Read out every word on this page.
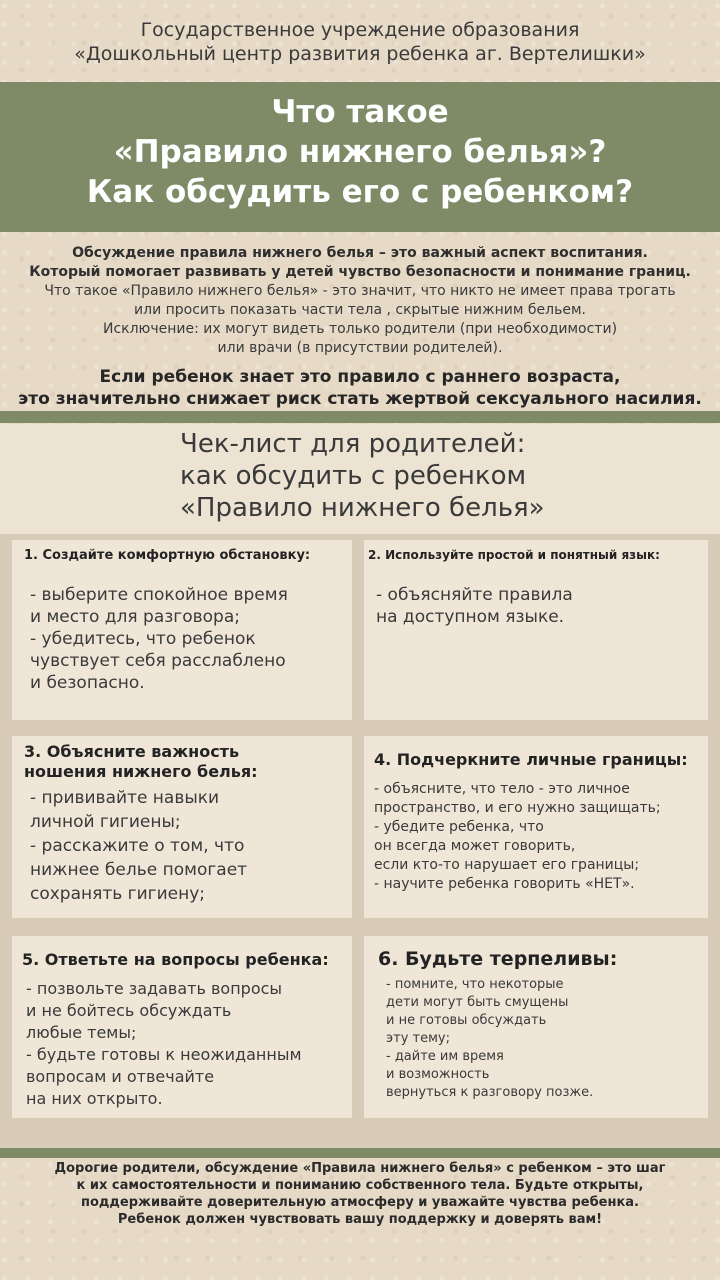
Государственное учреждение образования
«Дошкольный центр развития ребенка аг. Вертелишки»
Что такое
«Правило нижнего белья»?
Как обсудить его с ребенком?
Обсуждение правила нижнего белья – это важный аспект воспитания.
Который помогает развивать у детей чувство безопасности и понимание границ.
Что такое «Правило нижнего белья» - это значит, что никто не имеет права трогать
или просить показать части тела , скрытые нижним бельем.
Исключение: их могут видеть только родители (при необходимости)
или врачи (в присутствии родителей).
Если ребенок знает это правило с раннего возраста,
это значительно снижает риск стать жертвой сексуального насилия.
Чек-лист для родителей:
как обсудить с ребенком
«Правило нижнего белья»
1. Создайте комфортную обстановку:
- выберите спокойное время
и место для разговора;
- убедитесь, что ребенок
чувствует себя расслаблено
и безопасно.
2. Используйте простой и понятный язык:
- объясняйте правила
на доступном языке.
3. Объясните важность
ношения нижнего белья:
- прививайте навыки
личной гигиены;
- расскажите о том, что
нижнее белье помогает
сохранять гигиену;
4. Подчеркните личные границы:
- объясните, что тело - это личное
пространство, и его нужно защищать;
- убедите ребенка, что
он всегда может говорить,
если кто-то нарушает его границы;
- научите ребенка говорить «НЕТ».
5. Ответьте на вопросы ребенка:
- позвольте задавать вопросы
и не бойтесь обсуждать
любые темы;
- будьте готовы к неожиданным
вопросам и отвечайте
на них открыто.
6. Будьте терпеливы:
- помните, что некоторые
дети могут быть смущены
и не готовы обсуждать
эту тему;
- дайте им время
и возможность
вернуться к разговору позже.
Дорогие родители, обсуждение «Правила нижнего белья» с ребенком – это шаг
к их самостоятельности и пониманию собственного тела. Будьте открыты,
поддерживайте доверительную атмосферу и уважайте чувства ребенка.
Ребенок должен чувствовать вашу поддержку и доверять вам!
